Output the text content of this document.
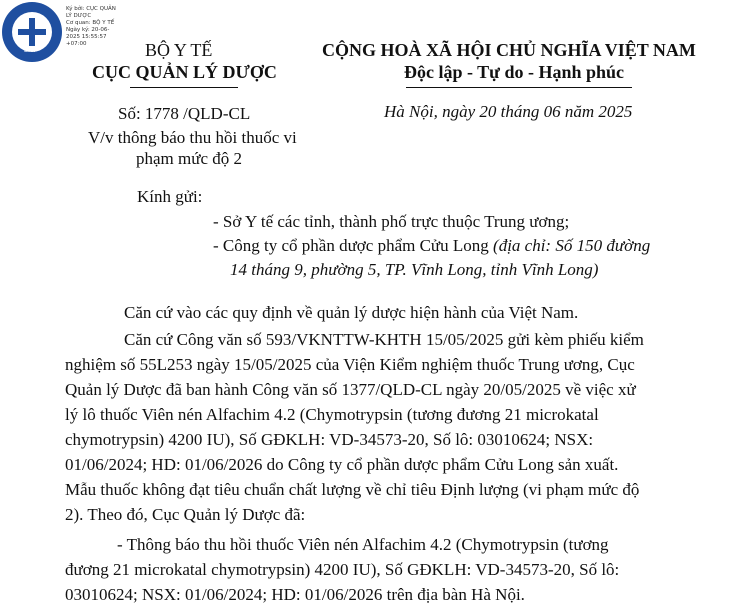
DAV
Ký bởi: CỤC QUẢN
LÝ DƯỢC
Cơ quan: BỘ Y TẾ
Ngày ký: 20-06-
2025 15:55:57
+07:00	BỘ Y TẾ
CỤC QUẢN LÝ DƯỢC
Số: 1778 /QLD-CL
V/v thông báo thu hồi thuốc vi
phạm mức độ 2
CỘNG HOÀ XÃ HỘI CHỦ NGHĨA VIỆT NAM
Độc lập - Tự do - Hạnh phúc
Hà Nội, ngày 20 tháng 06 năm 2025
Kính gửi:
- Sở Y tế các tỉnh, thành phố trực thuộc Trung ương;
- Công ty cổ phần dược phẩm Cửu Long (địa chỉ: Số 150 đường
14 tháng 9, phường 5, TP. Vĩnh Long, tỉnh Vĩnh Long)
Căn cứ vào các quy định về quản lý dược hiện hành của Việt Nam.
Căn cứ Công văn số 593/VKNTTW-KHTH 15/05/2025 gửi kèm phiếu kiểm
nghiệm số 55L253 ngày 15/05/2025 của Viện Kiểm nghiệm thuốc Trung ương, Cục
Quản lý Dược đã ban hành Công văn số 1377/QLD-CL ngày 20/05/2025 về việc xử
lý lô thuốc Viên nén Alfachim 4.2 (Chymotrypsin (tương đương 21 microkatal
chymotrypsin) 4200 IU), Số GĐKLH: VD-34573-20, Số lô: 03010624; NSX:
01/06/2024; HD: 01/06/2026 do Công ty cổ phần dược phẩm Cửu Long sản xuất.
Mẫu thuốc không đạt tiêu chuẩn chất lượng về chỉ tiêu Định lượng (vi phạm mức độ
2). Theo đó, Cục Quản lý Dược đã:
- Thông báo thu hồi thuốc Viên nén Alfachim 4.2 (Chymotrypsin (tương
đương 21 microkatal chymotrypsin) 4200 IU), Số GĐKLH: VD-34573-20, Số lô:
03010624; NSX: 01/06/2024; HD: 01/06/2026 trên địa bàn Hà Nội.
